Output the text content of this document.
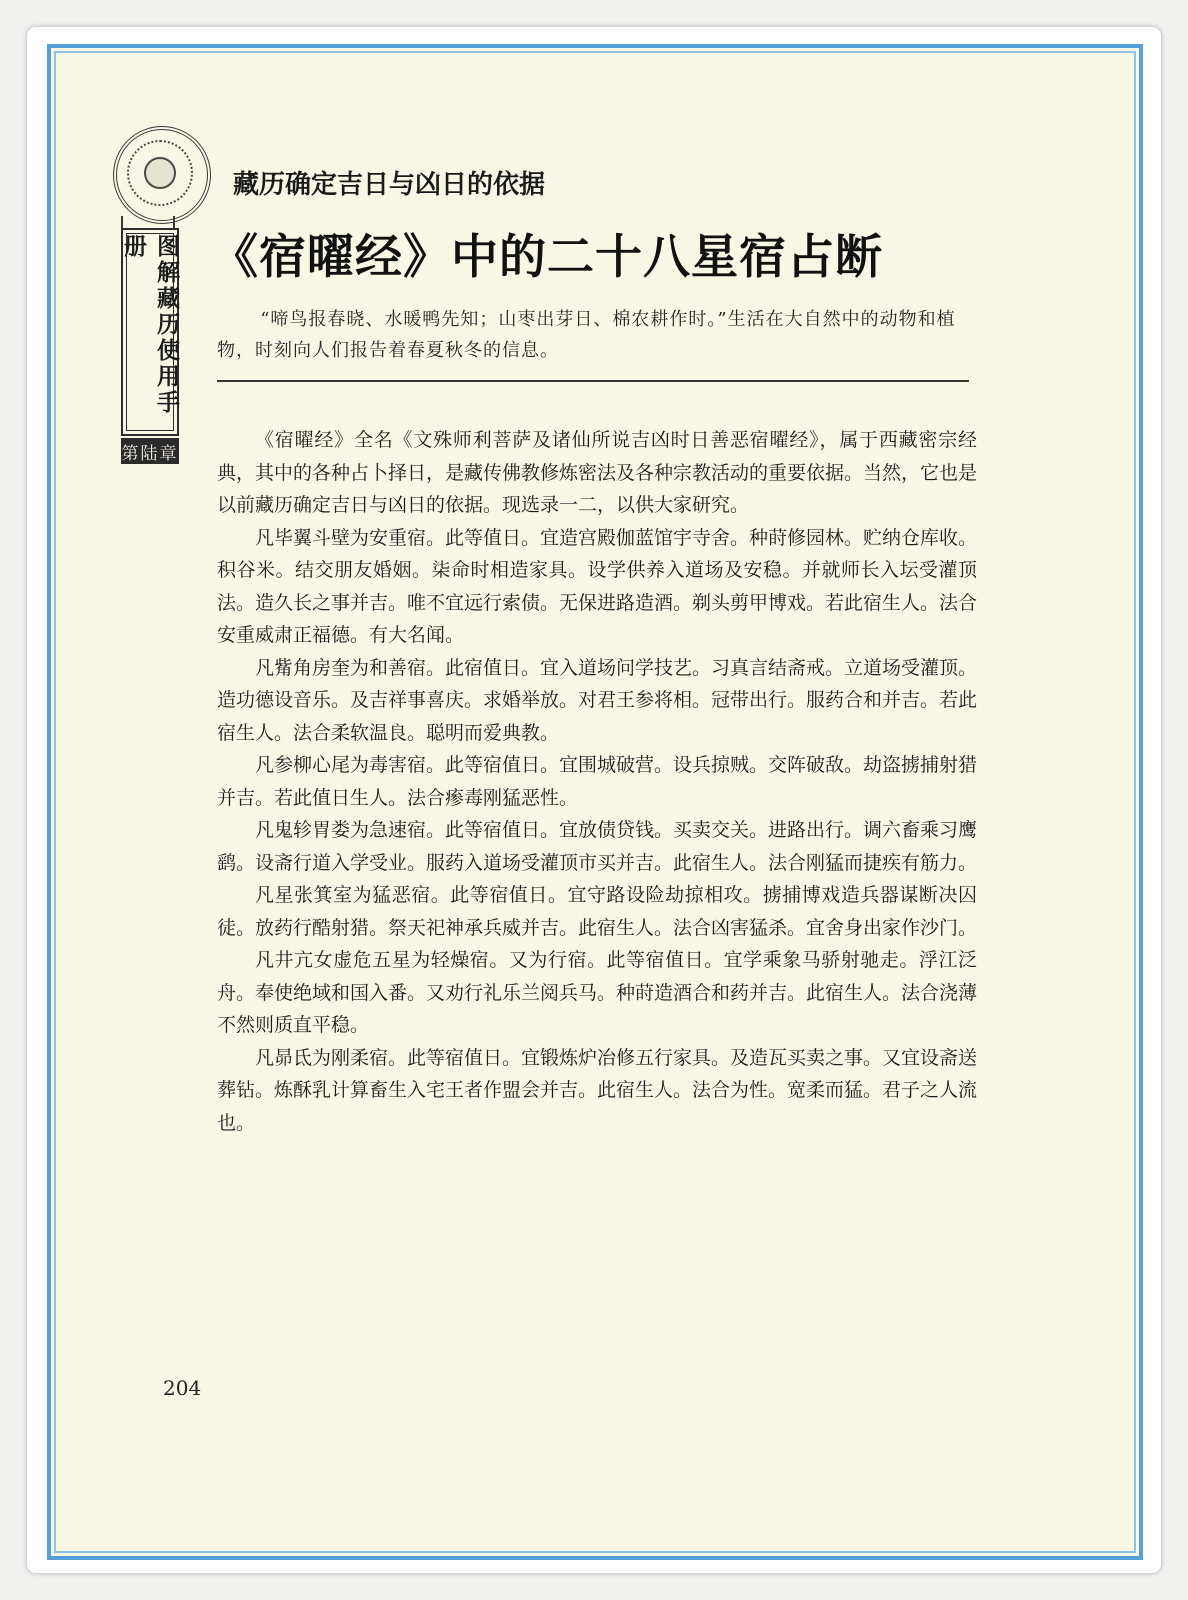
图解藏历使用手册
第陆章
藏历确定吉日与凶日的依据
《宿曜经》中的二十八星宿占断
“啼鸟报春晓、水暖鸭先知；山枣出芽日、棉农耕作时。”生活在大自然中的动物和植物，时刻向人们报告着春夏秋冬的信息。

《宿曜经》全名《文殊师利菩萨及诸仙所说吉凶时日善恶宿曜经》，属于西藏密宗经典，其中的各种占卜择日，是藏传佛教修炼密法及各种宗教活动的重要依据。当然，它也是以前藏历确定吉日与凶日的依据。现选录一二，以供大家研究。

凡毕翼斗壁为安重宿。此等值日。宜造宫殿伽蓝馆宇寺舍。种莳修园林。贮纳仓库收。积谷米。结交朋友婚姻。柒命时相造家具。设学供养入道场及安稳。并就师长入坛受灌顶法。造久长之事并吉。唯不宜远行索债。无保进路造酒。剃头剪甲博戏。若此宿生人。法合安重威肃正福德。有大名闻。

凡觜角房奎为和善宿。此宿值日。宜入道场问学技艺。习真言结斋戒。立道场受灌顶。造功德设音乐。及吉祥事喜庆。求婚举放。对君王参将相。冠带出行。服药合和并吉。若此宿生人。法合柔软温良。聪明而爱典教。

凡参柳心尾为毒害宿。此等宿值日。宜围城破营。设兵掠贼。交阵破敌。劫盗掳捕射猎并吉。若此值日生人。法合瘆毒刚猛恶性。

凡鬼轸胃娄为急速宿。此等宿值日。宜放债贷钱。买卖交关。进路出行。调六畜乘习鹰鹞。设斋行道入学受业。服药入道场受灌顶市买并吉。此宿生人。法合刚猛而捷疾有筋力。

凡星张箕室为猛恶宿。此等宿值日。宜守路设险劫掠相攻。掳捕博戏造兵器谋断决囚徒。放药行酷射猎。祭天祀神承兵威并吉。此宿生人。法合凶害猛杀。宜舍身出家作沙门。

凡井亢女虚危五星为轻燥宿。又为行宿。此等宿值日。宜学乘象马骄射驰走。浮江泛舟。奉使绝域和国入番。又劝行礼乐兰阅兵马。种莳造酒合和药并吉。此宿生人。法合浇薄不然则质直平稳。

凡昴氐为刚柔宿。此等宿值日。宜锻炼炉冶修五行家具。及造瓦买卖之事。又宜设斋送葬钻。炼酥乳计算畜生入宅王者作盟会并吉。此宿生人。法合为性。宽柔而猛。君子之人流也。

204
